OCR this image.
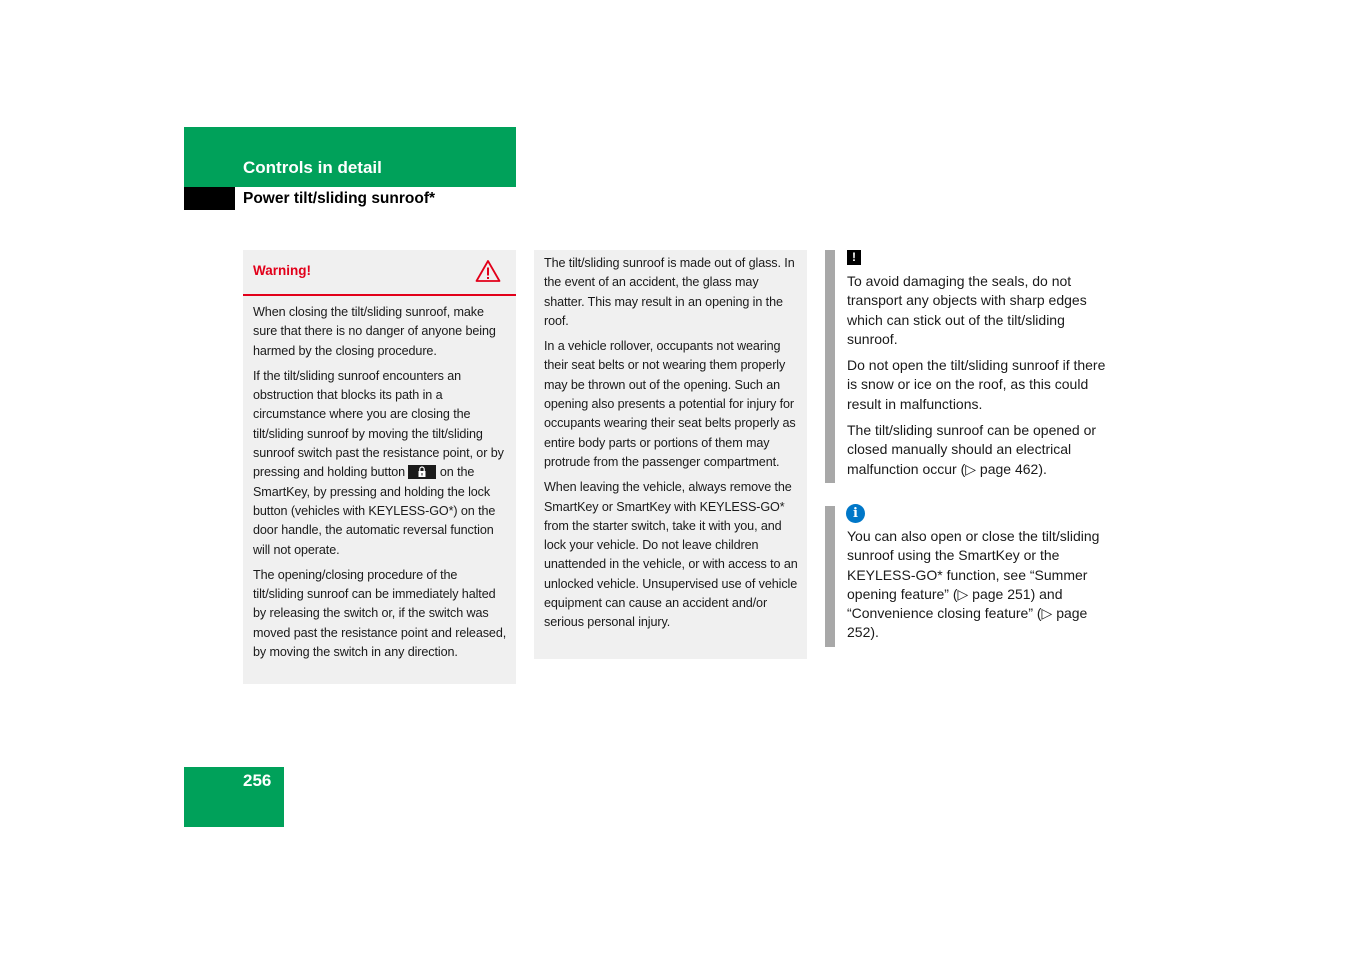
Controls in detail
Power tilt/sliding sunroof*
Warning!

When closing the tilt/sliding sunroof, make sure that there is no danger of anyone being harmed by the closing procedure.

If the tilt/sliding sunroof encounters an obstruction that blocks its path in a circumstance where you are closing the tilt/sliding sunroof by moving the tilt/sliding sunroof switch past the resistance point, or by pressing and holding button	on the SmartKey, by pressing and holding the lock button (vehicles with KEYLESS-GO*) on the door handle, the automatic reversal function will not operate.

The opening/closing procedure of the tilt/sliding sunroof can be immediately halted by releasing the switch or, if the switch was moved past the resistance point and released, by moving the switch in any direction.

The tilt/sliding sunroof is made out of glass. In the event of an accident, the glass may shatter. This may result in an opening in the roof.

In a vehicle rollover, occupants not wearing their seat belts or not wearing them properly may be thrown out of the opening. Such an opening also presents a potential for injury for occupants wearing their seat belts properly as entire body parts or portions of them may protrude from the passenger compartment.

When leaving the vehicle, always remove the SmartKey or SmartKey with KEYLESS-GO* from the starter switch, take it with you, and lock your vehicle. Do not leave children unattended in the vehicle, or with access to an unlocked vehicle. Unsupervised use of vehicle equipment can cause an accident and/or serious personal injury.

!

To avoid damaging the seals, do not transport any objects with sharp edges which can stick out of the tilt/sliding sunroof.

Do not open the tilt/sliding sunroof if there is snow or ice on the roof, as this could result in malfunctions.

The tilt/sliding sunroof can be opened or closed manually should an electrical malfunction occur (▷ page 462).

i

You can also open or close the tilt/sliding sunroof using the SmartKey or the KEYLESS-GO* function, see “Summer opening feature” (▷ page 251) and “Convenience closing feature” (▷ page 252).

256
